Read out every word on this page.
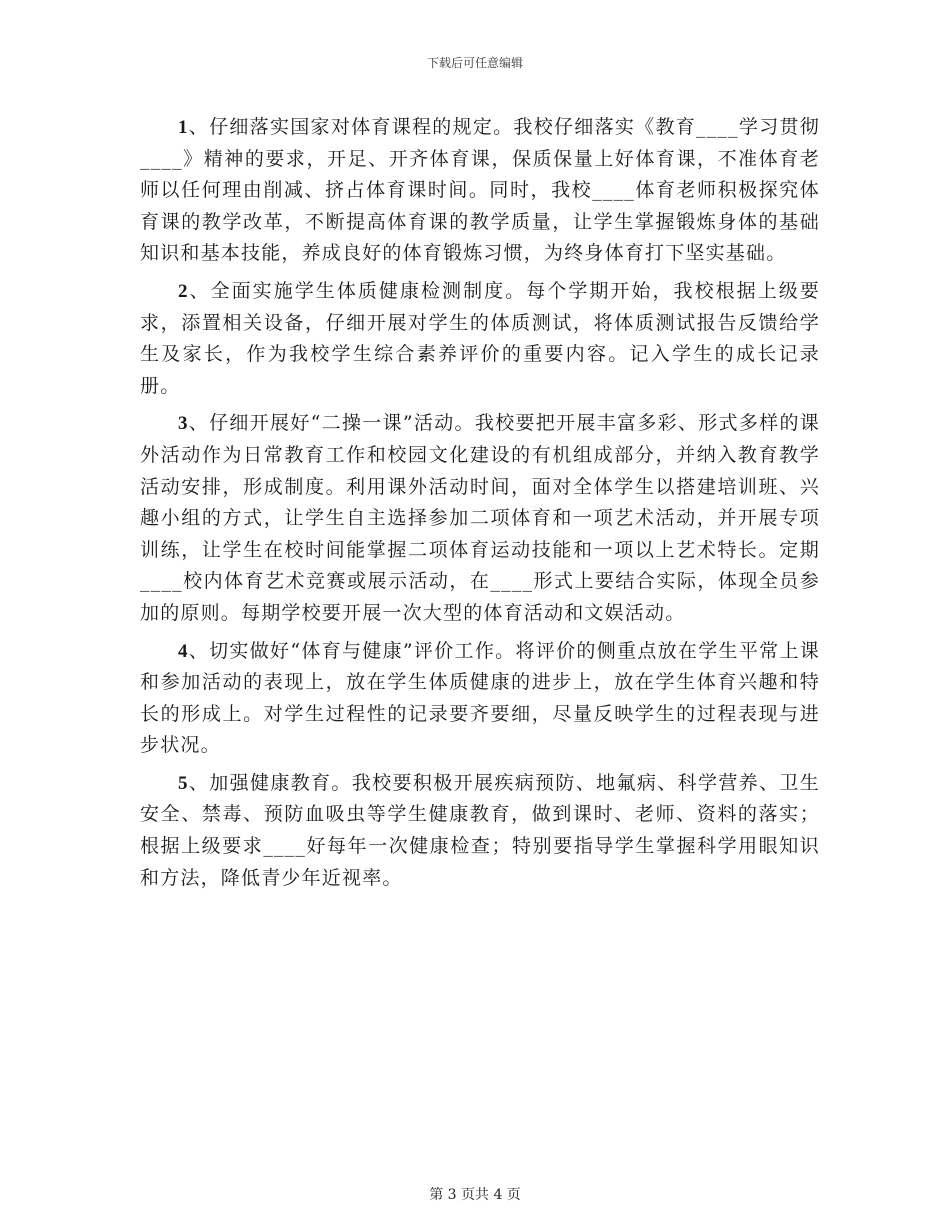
下载后可任意编辑

1、仔细落实国家对体育课程的规定。我校仔细落实《教育____学习贯彻____》精神的要求，开足、开齐体育课，保质保量上好体育课，不准体育老师以任何理由削减、挤占体育课时间。同时，我校____体育老师积极探究体育课的教学改革，不断提高体育课的教学质量，让学生掌握锻炼身体的基础知识和基本技能，养成良好的体育锻炼习惯，为终身体育打下坚实基础。

2、全面实施学生体质健康检测制度。每个学期开始，我校根据上级要求，添置相关设备，仔细开展对学生的体质测试，将体质测试报告反馈给学生及家长，作为我校学生综合素养评价的重要内容。记入学生的成长记录册。

3、仔细开展好“二操一课”活动。我校要把开展丰富多彩、形式多样的课外活动作为日常教育工作和校园文化建设的有机组成部分，并纳入教育教学活动安排，形成制度。利用课外活动时间，面对全体学生以搭建培训班、兴趣小组的方式，让学生自主选择参加二项体育和一项艺术活动，并开展专项训练，让学生在校时间能掌握二项体育运动技能和一项以上艺术特长。定期____校内体育艺术竞赛或展示活动，在____形式上要结合实际，体现全员参加的原则。每期学校要开展一次大型的体育活动和文娱活动。

4、切实做好“体育与健康”评价工作。将评价的侧重点放在学生平常上课和参加活动的表现上，放在学生体质健康的进步上，放在学生体育兴趣和特长的形成上。对学生过程性的记录要齐要细，尽量反映学生的过程表现与进步状况。

5、加强健康教育。我校要积极开展疾病预防、地氟病、科学营养、卫生安全、禁毒、预防血吸虫等学生健康教育，做到课时、老师、资料的落实；根据上级要求____好每年一次健康检查；特别要指导学生掌握科学用眼知识和方法，降低青少年近视率。

第 3 页共 4 页
